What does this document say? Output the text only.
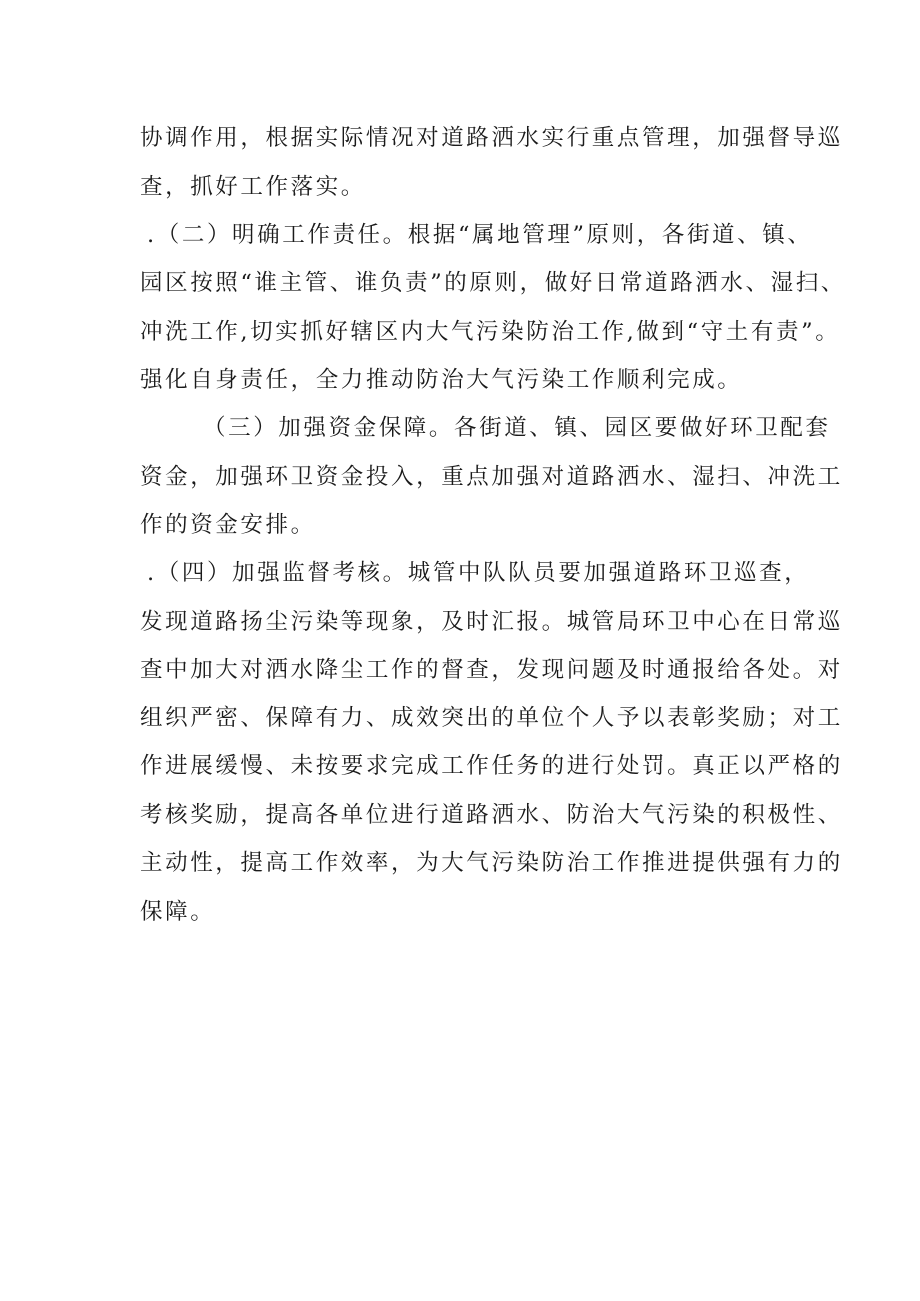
协调作用，根据实际情况对道路洒水实行重点管理，加强督导巡
查，抓好工作落实。
.（二）明确工作责任。根据“属地管理”原则，各街道、镇、
园区按照“谁主管、谁负责”的原则，做好日常道路洒水、湿扫、
冲洗工作,切实抓好辖区内大气污染防治工作,做到“守土有责”。
强化自身责任，全力推动防治大气污染工作顺利完成。
（三）加强资金保障。各街道、镇、园区要做好环卫配套
资金，加强环卫资金投入，重点加强对道路洒水、湿扫、冲洗工
作的资金安排。
.（四）加强监督考核。城管中队队员要加强道路环卫巡查，
发现道路扬尘污染等现象，及时汇报。城管局环卫中心在日常巡
查中加大对洒水降尘工作的督查，发现问题及时通报给各处。对
组织严密、保障有力、成效突出的单位个人予以表彰奖励；对工
作进展缓慢、未按要求完成工作任务的进行处罚。真正以严格的
考核奖励，提高各单位进行道路洒水、防治大气污染的积极性、
主动性，提高工作效率，为大气污染防治工作推进提供强有力的
保障。
